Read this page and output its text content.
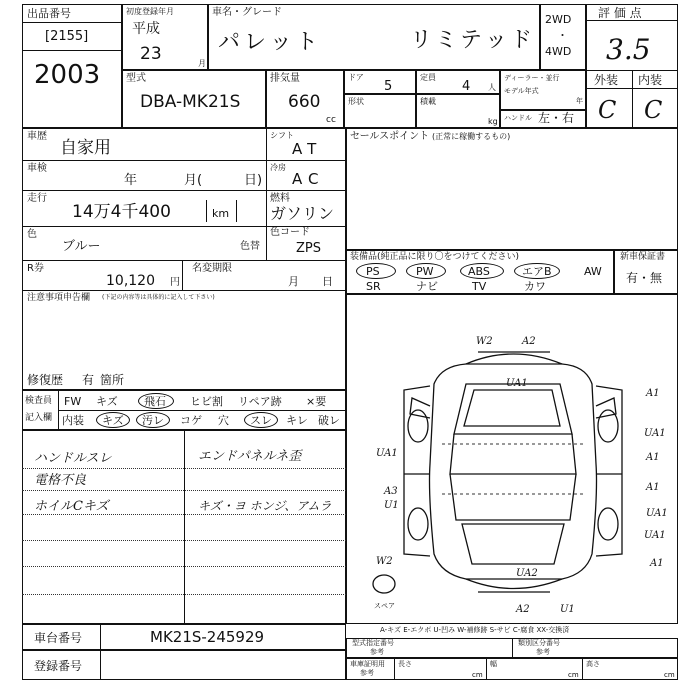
出品番号
[2155]
2003
初度登録年月
平成
23	月
車名・グレード
パレット	リミテッド
2WD
・
4WD
評 価 点
3.5
外装 内装
C C
型式
DBA-MK21S
排気量
660
cc
ドア
5
定員
4 人
ディーラー・並行
モデル年式
年
形状	積載
kg ハンドル 左・右
車歴
自家用
シフト
AT
車検
年	月(	日)
冷房
AC
走行
14万4千400	km
燃料
ガソリン
色
ブルー	色替
色コード
ZPS
R券
10,120 円
名変期限
月 日
注意事項申告欄 (下記の内容等は具体的に記入して下さい)
修復歴 有 箇所
セールスポイント (正常に稼働するもの)
装備品(純正品に限り〇をつけてください)
PS	PW	ABS	エアB	AW
SR	ナビ	TV	カワ
新車保証書
有・無
検査員
記入欄
FW キズ 飛石 ヒビ割 リペア跡 ×要
内装 キズ 汚レ コゲ 穴 スレ キレ 破レ
ハンドルスレ
電格不良
ホイルCキズ
エンドパネルネ歪
キズ・ヨ ホンジ、アムラ
W2	A2
UA1
A1
UA1
UA1	A1
UA1
A3
U1
A1
W2
UA2
A1
UA1
A2	U1
スペア
車台番号	MK21S-245929
登録番号
A-キズ E-エクボ U-凹み W-補修跡 S-サビ C-腐食 XX-交換済
型式指定番号
参考
類別区分番号
参考
車庫証明用
参考
長さ
cm
幅
cm
高さ
cm
